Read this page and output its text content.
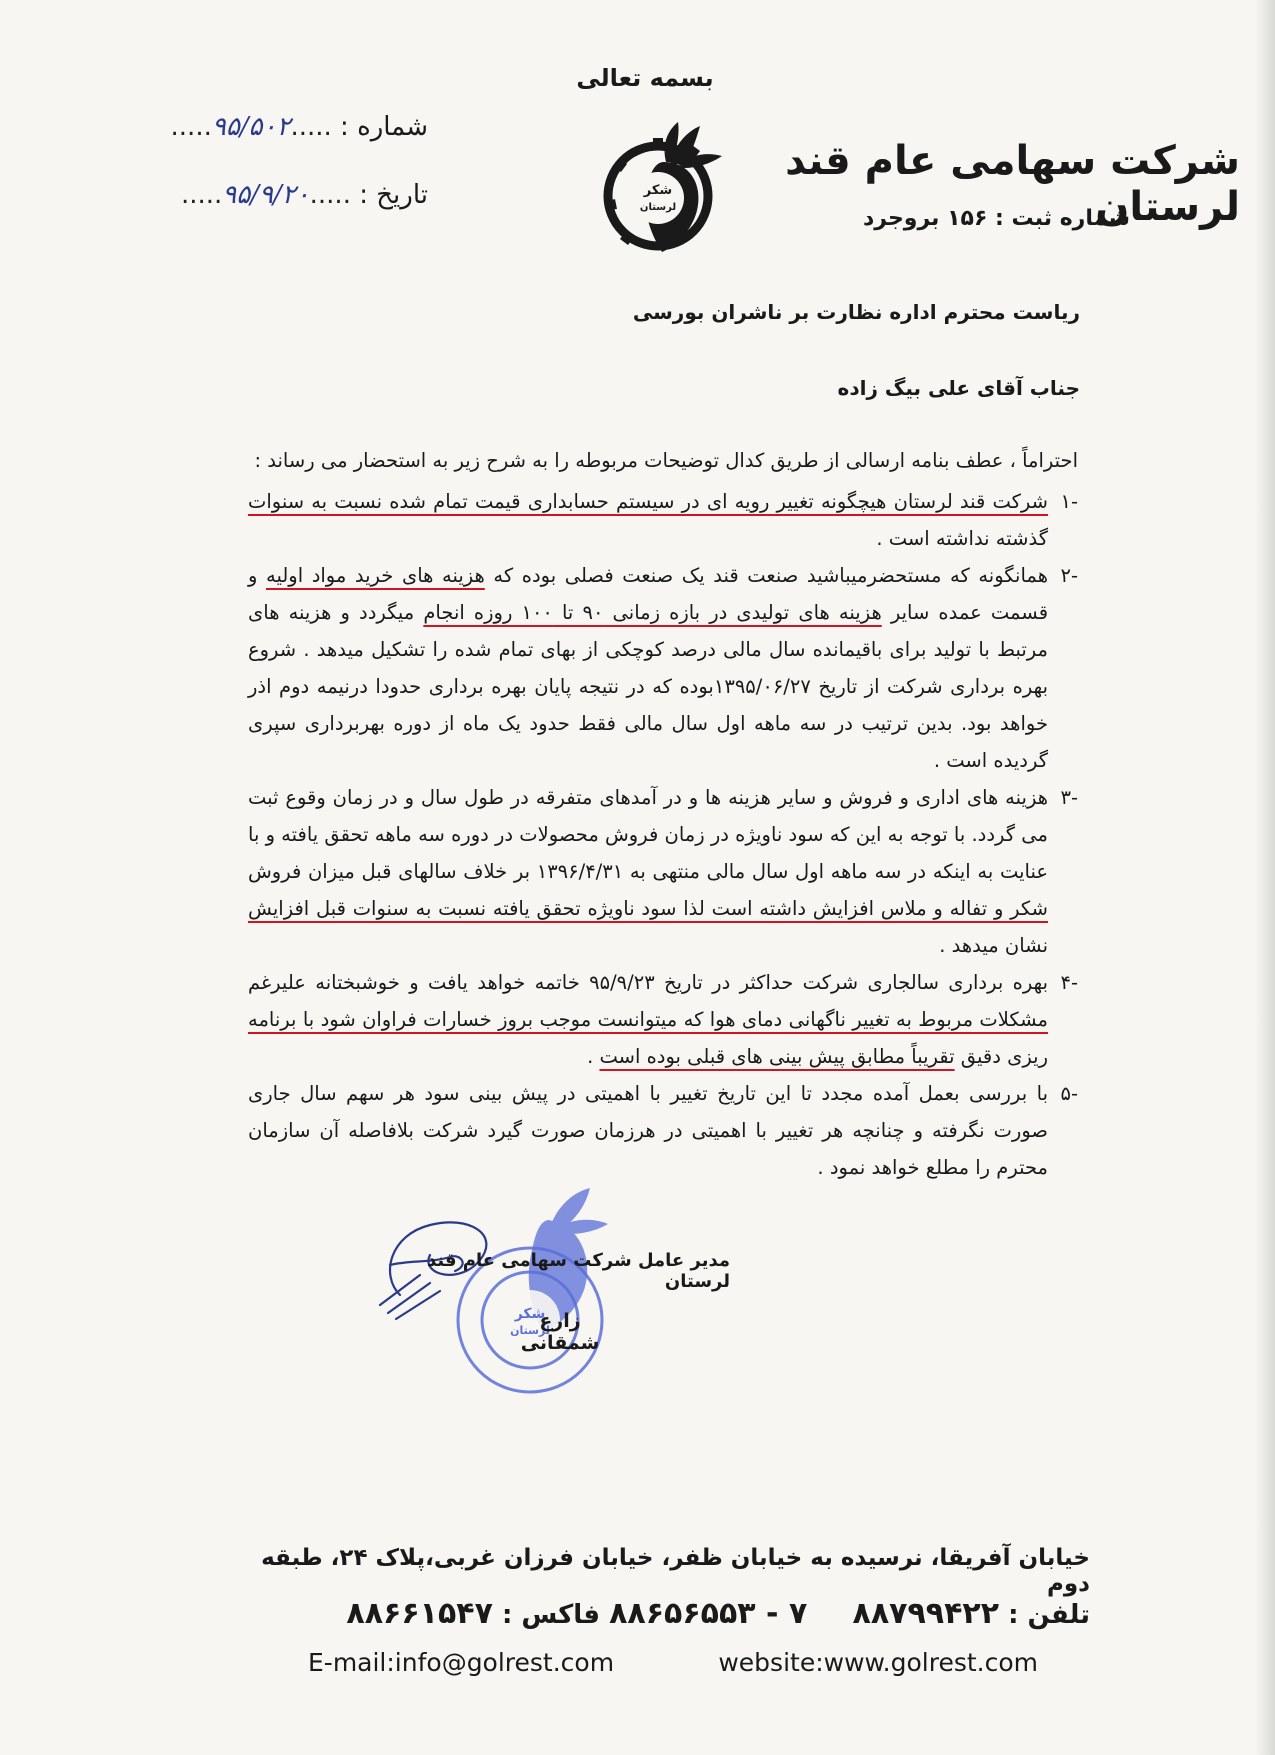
بسمه تعالی
شرکت سهامی عام قند لرستان
شماره ثبت : ۱۵۶ بروجرد
شماره : .....۹۵/۵۰۲.....
تاریخ : .....۹۵/۹/۲۰.....	شکر
لرستان
ریاست محترم اداره نظارت بر ناشران بورسی
جناب آقای علی بیگ زاده

احتراماً ، عطف بنامه ارسالی از طریق کدال توضیحات مربوطه را به شرح زیر به استحضار می رساند :

-۱
شرکت قند لرستان هیچگونه تغییر رویه ای در سیستم حسابداری قیمت تمام شده نسبت به سنوات گذشته نداشته است .
-۲
همانگونه که مستحضرمیباشید صنعت قند یک صنعت فصلی بوده که هزینه های خرید مواد اولیه و قسمت عمده سایر هزینه های تولیدی در بازه زمانی ۹۰ تا ۱۰۰ روزه انجام میگردد و هزینه های مرتبط با تولید برای باقیمانده سال مالی درصد کوچکی از بهای تمام شده را تشکیل میدهد . شروع بهره برداری شرکت از تاریخ ۱۳۹۵/۰۶/۲۷بوده که در نتیجه پایان بهره برداری حدودا درنیمه دوم اذر خواهد بود. بدین ترتیب در سه ماهه اول سال مالی فقط حدود یک ماه از دوره بهربرداری سپری گردیده است .
-۳
هزینه های اداری و فروش و سایر هزینه ها و در آمدهای متفرقه در طول سال و در زمان وقوع ثبت می گردد. با توجه به این که سود ناویژه در زمان فروش محصولات در دوره سه ماهه تحقق یافته و با عنایت به اینکه در سه ماهه اول سال مالی منتهی به ۱۳۹۶/۴/۳۱ بر خلاف سالهای قبل میزان فروش شکر و تفاله و ملاس افزایش داشته است لذا سود ناویژه تحقق یافته نسبت به سنوات قبل افزایش نشان میدهد .
-۴
بهره برداری سالجاری شرکت حداکثر در تاریخ ۹۵/۹/۲۳ خاتمه خواهد یافت و خوشبختانه علیرغم مشکلات مربوط به تغییر ناگهانی دمای هوا که میتوانست موجب بروز خسارات فراوان شود با برنامه ریزی دقیق تقریباً مطابق پیش بینی های قبلی بوده است .
-۵
با بررسی بعمل آمده مجدد تا این تاریخ تغییر با اهمیتی در پیش بینی سود هر سهم سال جاری صورت نگرفته و چنانچه هر تغییر با اهمیتی در هرزمان صورت گیرد شرکت بلافاصله آن سازمان محترم را مطلع خواهد نمود .
شکر
لرستان
مدیر عامل شرکت سهامی عام قند لرستان
زارع شمقانی
خیابان آفریقا، نرسیده به خیابان ظفر، خیابان فرزان غربی،پلاک ۲۴، طبقه دوم
تلفن : ۸۸۷۹۹۴۲۲     ۷ - ۸۸۶۵۶۵۵۳ فاکس : ۸۸۶۶۱۵۴۷
E-mail:info@golrest.com	website:www.golrest.com
